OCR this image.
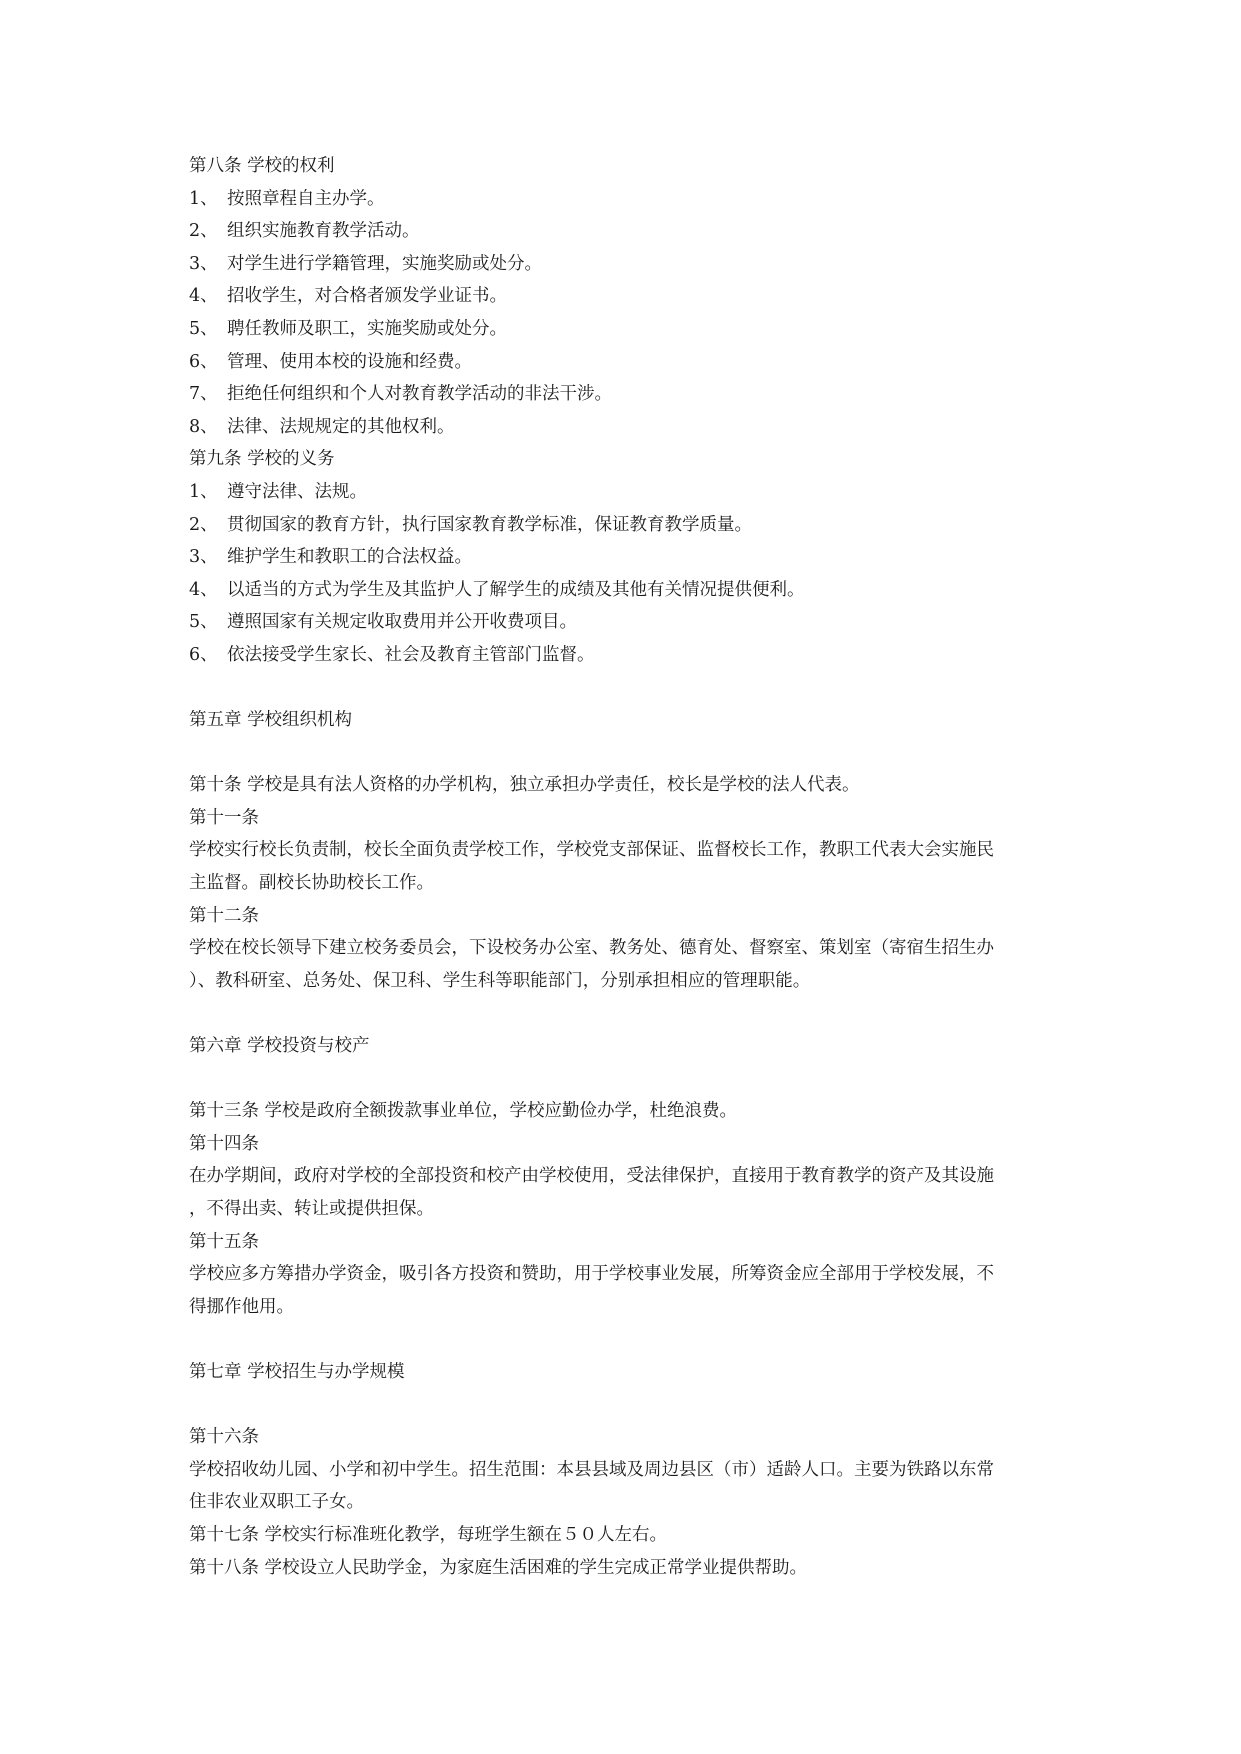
第八条 学校的权利
1、 按照章程自主办学。
2、 组织实施教育教学活动。
3、 对学生进行学籍管理，实施奖励或处分。
4、 招收学生，对合格者颁发学业证书。
5、 聘任教师及职工，实施奖励或处分。
6、 管理、使用本校的设施和经费。
7、 拒绝任何组织和个人对教育教学活动的非法干涉。
8、 法律、法规规定的其他权利。
第九条 学校的义务
1、 遵守法律、法规。
2、 贯彻国家的教育方针，执行国家教育教学标准，保证教育教学质量。
3、 维护学生和教职工的合法权益。
4、 以适当的方式为学生及其监护人了解学生的成绩及其他有关情况提供便利。
5、 遵照国家有关规定收取费用并公开收费项目。
6、 依法接受学生家长、社会及教育主管部门监督。
第五章 学校组织机构
第十条 学校是具有法人资格的办学机构，独立承担办学责任，校长是学校的法人代表。
第十一条
学校实行校长负责制，校长全面负责学校工作，学校党支部保证、监督校长工作，教职工代表大会实施民
主监督。副校长协助校长工作。
第十二条
学校在校长领导下建立校务委员会，下设校务办公室、教务处、德育处、督察室、策划室（寄宿生招生办
）、教科研室、总务处、保卫科、学生科等职能部门，分别承担相应的管理职能。
第六章 学校投资与校产
第十三条 学校是政府全额拨款事业单位，学校应勤俭办学，杜绝浪费。
第十四条
在办学期间，政府对学校的全部投资和校产由学校使用，受法律保护，直接用于教育教学的资产及其设施
，不得出卖、转让或提供担保。
第十五条
学校应多方筹措办学资金，吸引各方投资和赞助，用于学校事业发展，所筹资金应全部用于学校发展，不
得挪作他用。
第七章 学校招生与办学规模
第十六条
学校招收幼儿园、小学和初中学生。招生范围：本县县域及周边县区（市）适龄人口。主要为铁路以东常
住非农业双职工子女。
第十七条 学校实行标准班化教学，每班学生额在５０人左右。
第十八条 学校设立人民助学金，为家庭生活困难的学生完成正常学业提供帮助。
